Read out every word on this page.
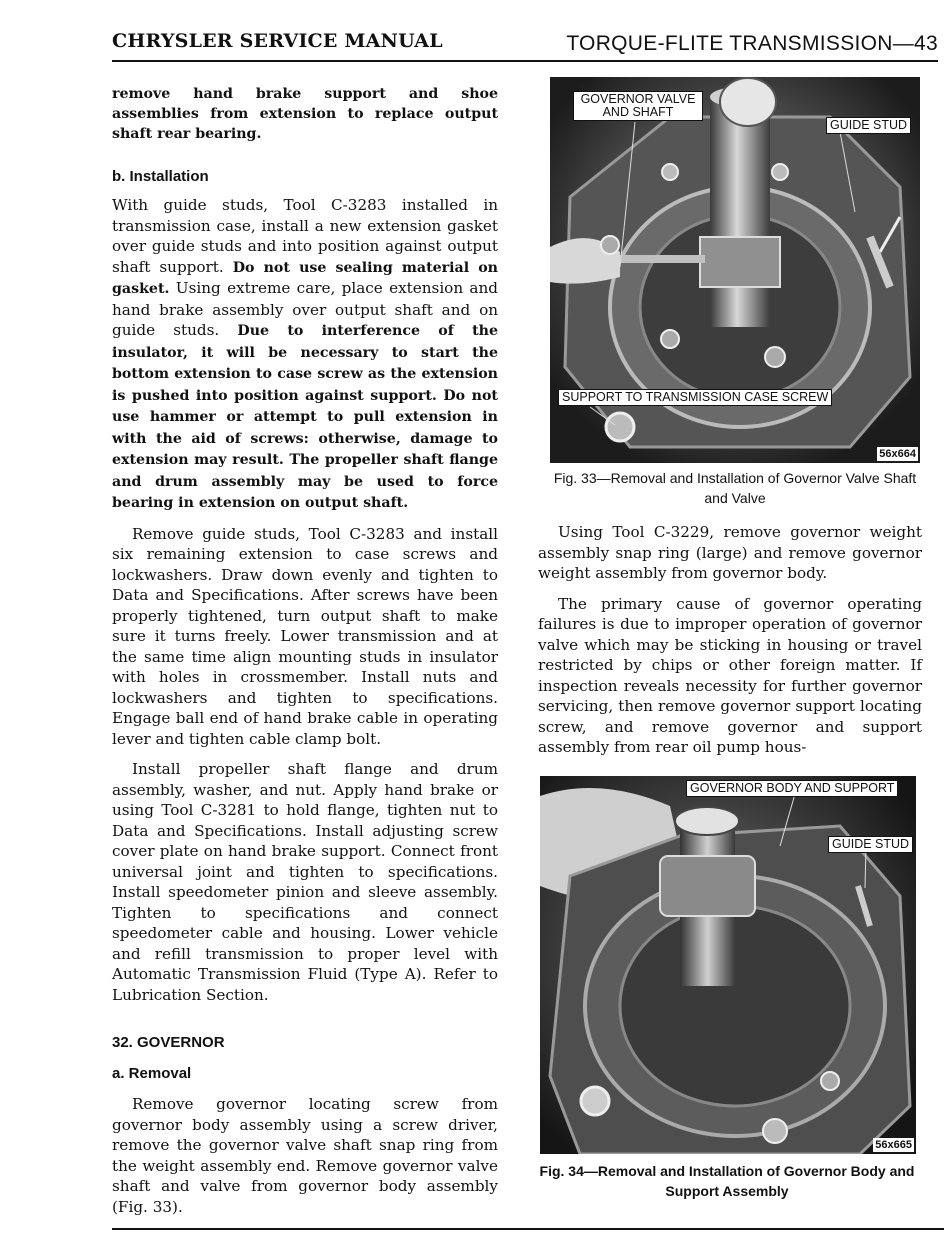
CHRYSLER SERVICE MANUAL	TORQUE-FLITE TRANSMISSION—43

remove hand brake support and shoe assemblies from extension to replace output shaft rear bearing.

b. Installation

With guide studs, Tool C-3283 installed in transmission case, install a new extension gasket over guide studs and into position against output shaft support. Do not use sealing material on gasket. Using extreme care, place extension and hand brake assembly over output shaft and on guide studs. Due to interference of the insulator, it will be necessary to start the bottom extension to case screw as the extension is pushed into position against support. Do not use hammer or attempt to pull extension in with the aid of screws: otherwise, damage to extension may result. The propeller shaft flange and drum assembly may be used to force bearing in extension on output shaft.

Remove guide studs, Tool C-3283 and install six remaining extension to case screws and lockwashers. Draw down evenly and tighten to Data and Specifications. After screws have been properly tightened, turn output shaft to make sure it turns freely. Lower transmission and at the same time align mounting studs in insulator with holes in crossmember. Install nuts and lockwashers and tighten to specifications. Engage ball end of hand brake cable in operating lever and tighten cable clamp bolt.

Install propeller shaft flange and drum assembly, washer, and nut. Apply hand brake or using Tool C-3281 to hold flange, tighten nut to Data and Specifications. Install adjusting screw cover plate on hand brake support. Connect front universal joint and tighten to specifications. Install speedometer pinion and sleeve assembly. Tighten to specifications and connect speedometer cable and housing. Lower vehicle and refill transmission to proper level with Automatic Transmission Fluid (Type A). Refer to Lubrication Section.

32. GOVERNOR

a. Removal

Remove governor locating screw from governor body assembly using a screw driver, remove the governor valve shaft snap ring from the weight assembly end. Remove governor valve shaft and valve from governor body assembly (Fig. 33).

GOVERNOR VALVE AND SHAFT
GUIDE STUD
SUPPORT TO TRANSMISSION CASE SCREW
56x664
Fig. 33—Removal and Installation of Governor Valve Shaft and Valve

Using Tool C-3229, remove governor weight assembly snap ring (large) and remove governor weight assembly from governor body.

The primary cause of governor operating failures is due to improper operation of governor valve which may be sticking in housing or travel restricted by chips or other foreign matter. If inspection reveals necessity for further governor servicing, then remove governor support locating screw, and remove governor and support assembly from rear oil pump hous-

GOVERNOR BODY AND SUPPORT
GUIDE STUD
56x665
Fig. 34—Removal and Installation of Governor Body and Support Assembly
